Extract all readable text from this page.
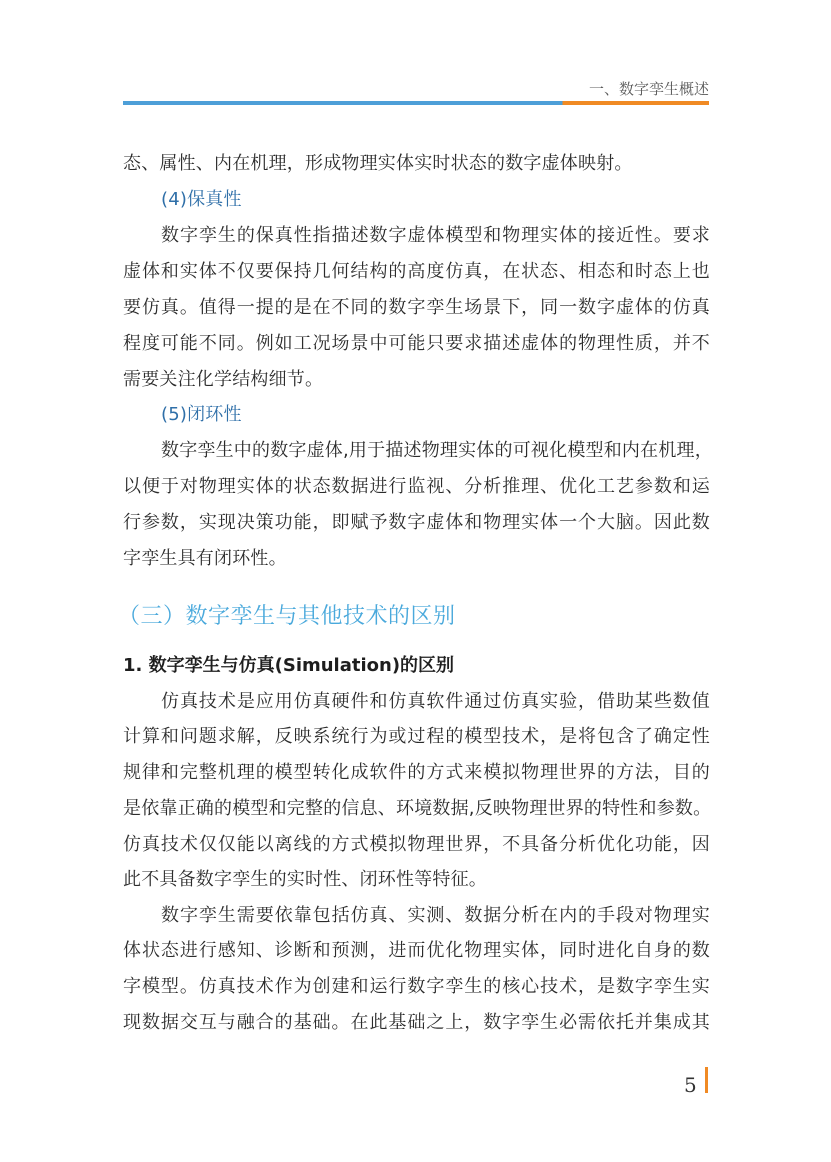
一、数字孪生概述
态、属性、内在机理，形成物理实体实时状态的数字虚体映射。
(4)保真性
数字孪生的保真性指描述数字虚体模型和物理实体的接近性。要求
虚体和实体不仅要保持几何结构的高度仿真，在状态、相态和时态上也
要仿真。值得一提的是在不同的数字孪生场景下，同一数字虚体的仿真
程度可能不同。例如工况场景中可能只要求描述虚体的物理性质，并不
需要关注化学结构细节。
(5)闭环性
数字孪生中的数字虚体,用于描述物理实体的可视化模型和内在机理，
以便于对物理实体的状态数据进行监视、分析推理、优化工艺参数和运
行参数，实现决策功能，即赋予数字虚体和物理实体一个大脑。因此数
字孪生具有闭环性。
（三）数字孪生与其他技术的区别
1. 数字孪生与仿真(Simulation)的区别
仿真技术是应用仿真硬件和仿真软件通过仿真实验，借助某些数值
计算和问题求解，反映系统行为或过程的模型技术，是将包含了确定性
规律和完整机理的模型转化成软件的方式来模拟物理世界的方法，目的
是依靠正确的模型和完整的信息、环境数据,反映物理世界的特性和参数。
仿真技术仅仅能以离线的方式模拟物理世界，不具备分析优化功能，因
此不具备数字孪生的实时性、闭环性等特征。
数字孪生需要依靠包括仿真、实测、数据分析在内的手段对物理实
体状态进行感知、诊断和预测，进而优化物理实体，同时进化自身的数
字模型。仿真技术作为创建和运行数字孪生的核心技术，是数字孪生实
现数据交互与融合的基础。在此基础之上，数字孪生必需依托并集成其
5
